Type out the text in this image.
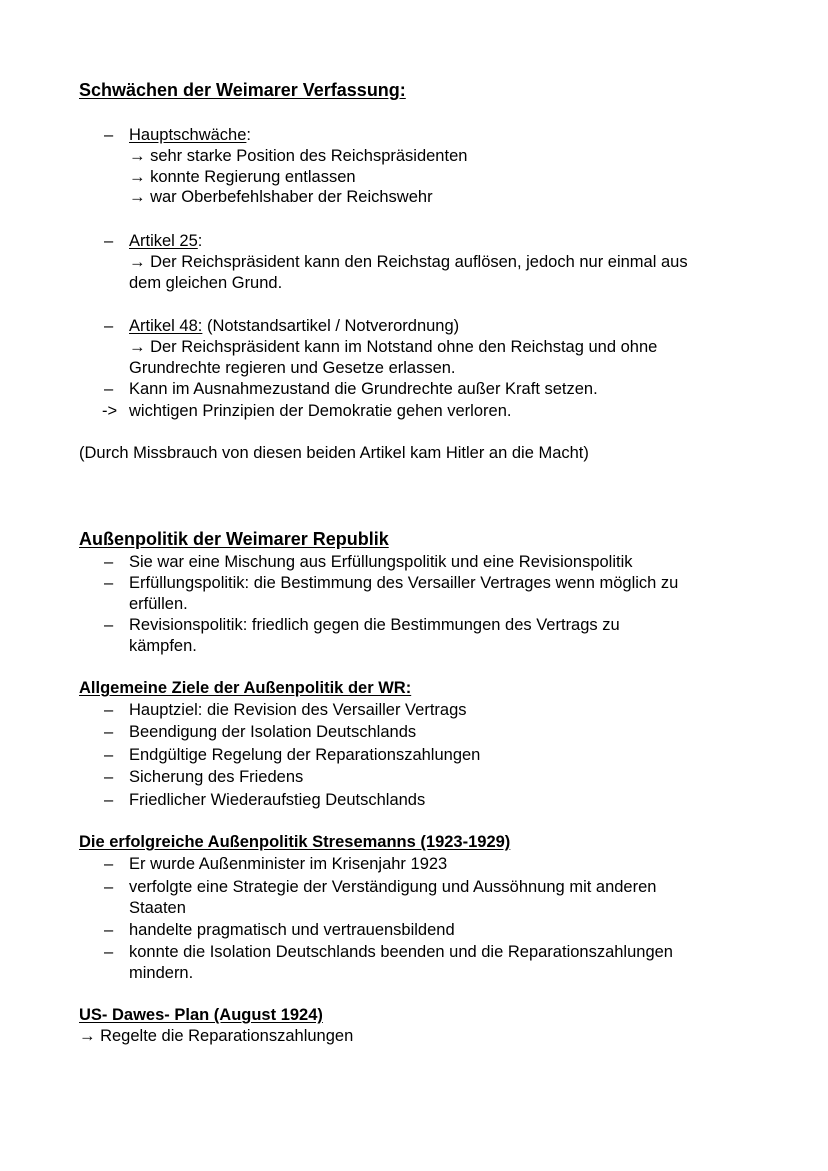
Schwächen der Weimarer Verfassung:
– Hauptschwäche:
→ sehr starke Position des Reichspräsidenten
→ konnte Regierung entlassen
→ war Oberbefehlshaber der Reichswehr
– Artikel 25:
→ Der Reichspräsident kann den Reichstag auflösen, jedoch nur einmal aus
dem gleichen Grund.
– Artikel 48: (Notstandsartikel / Notverordnung)
→ Der Reichspräsident kann im Notstand ohne den Reichstag und ohne
Grundrechte regieren und Gesetze erlassen.
– Kann im Ausnahmezustand die Grundrechte außer Kraft setzen.
-> wichtigen Prinzipien der Demokratie gehen verloren.
(Durch Missbrauch von diesen beiden Artikel kam Hitler an die Macht)
Außenpolitik der Weimarer Republik
– Sie war eine Mischung aus Erfüllungspolitik und eine Revisionspolitik
– Erfüllungspolitik: die Bestimmung des Versailler Vertrages wenn möglich zu
erfüllen.
– Revisionspolitik: friedlich gegen die Bestimmungen des Vertrags zu
kämpfen.
Allgemeine Ziele der Außenpolitik der WR:
– Hauptziel: die Revision des Versailler Vertrags
– Beendigung der Isolation Deutschlands
– Endgültige Regelung der Reparationszahlungen
– Sicherung des Friedens
– Friedlicher Wiederaufstieg Deutschlands
Die erfolgreiche Außenpolitik Stresemanns (1923-1929)
– Er wurde Außenminister im Krisenjahr 1923
– verfolgte eine Strategie der Verständigung und Aussöhnung mit anderen
Staaten
– handelte pragmatisch und vertrauensbildend
– konnte die Isolation Deutschlands beenden und die Reparationszahlungen
mindern.
US- Dawes- Plan (August 1924)
→ Regelte die Reparationszahlungen
